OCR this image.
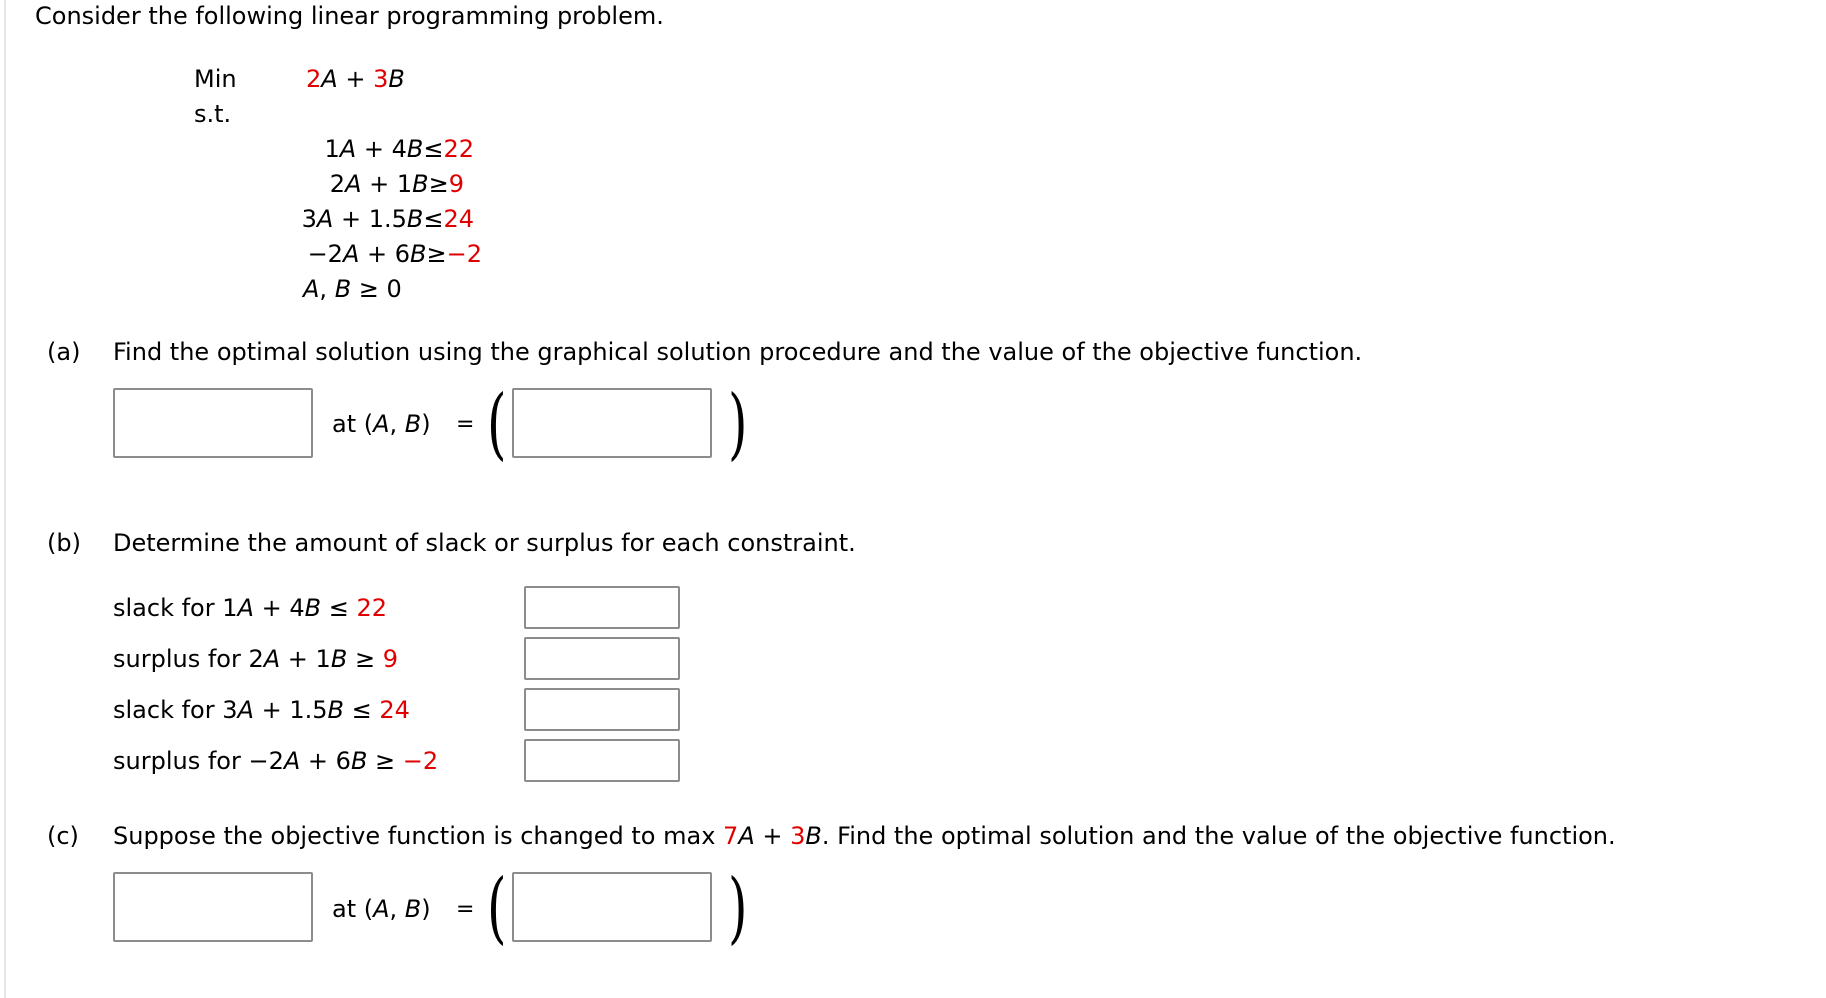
Consider the following linear programming problem.
Min	2A + 3B
s.t.
1A + 4B≤22
2A + 1B≥9
3A + 1.5B≤24
−2A + 6B≥−2
A, B ≥ 0
(a) Find the optimal solution using the graphical solution procedure and the value of the objective function.
at (A, B) = (	)
(b) Determine the amount of slack or surplus for each constraint.
slack for 1A + 4B ≤ 22
surplus for 2A + 1B ≥ 9
slack for 3A + 1.5B ≤ 24
surplus for −2A + 6B ≥ −2
(c) Suppose the objective function is changed to max 7A + 3B. Find the optimal solution and the value of the objective function.
at (A, B) = (	)
